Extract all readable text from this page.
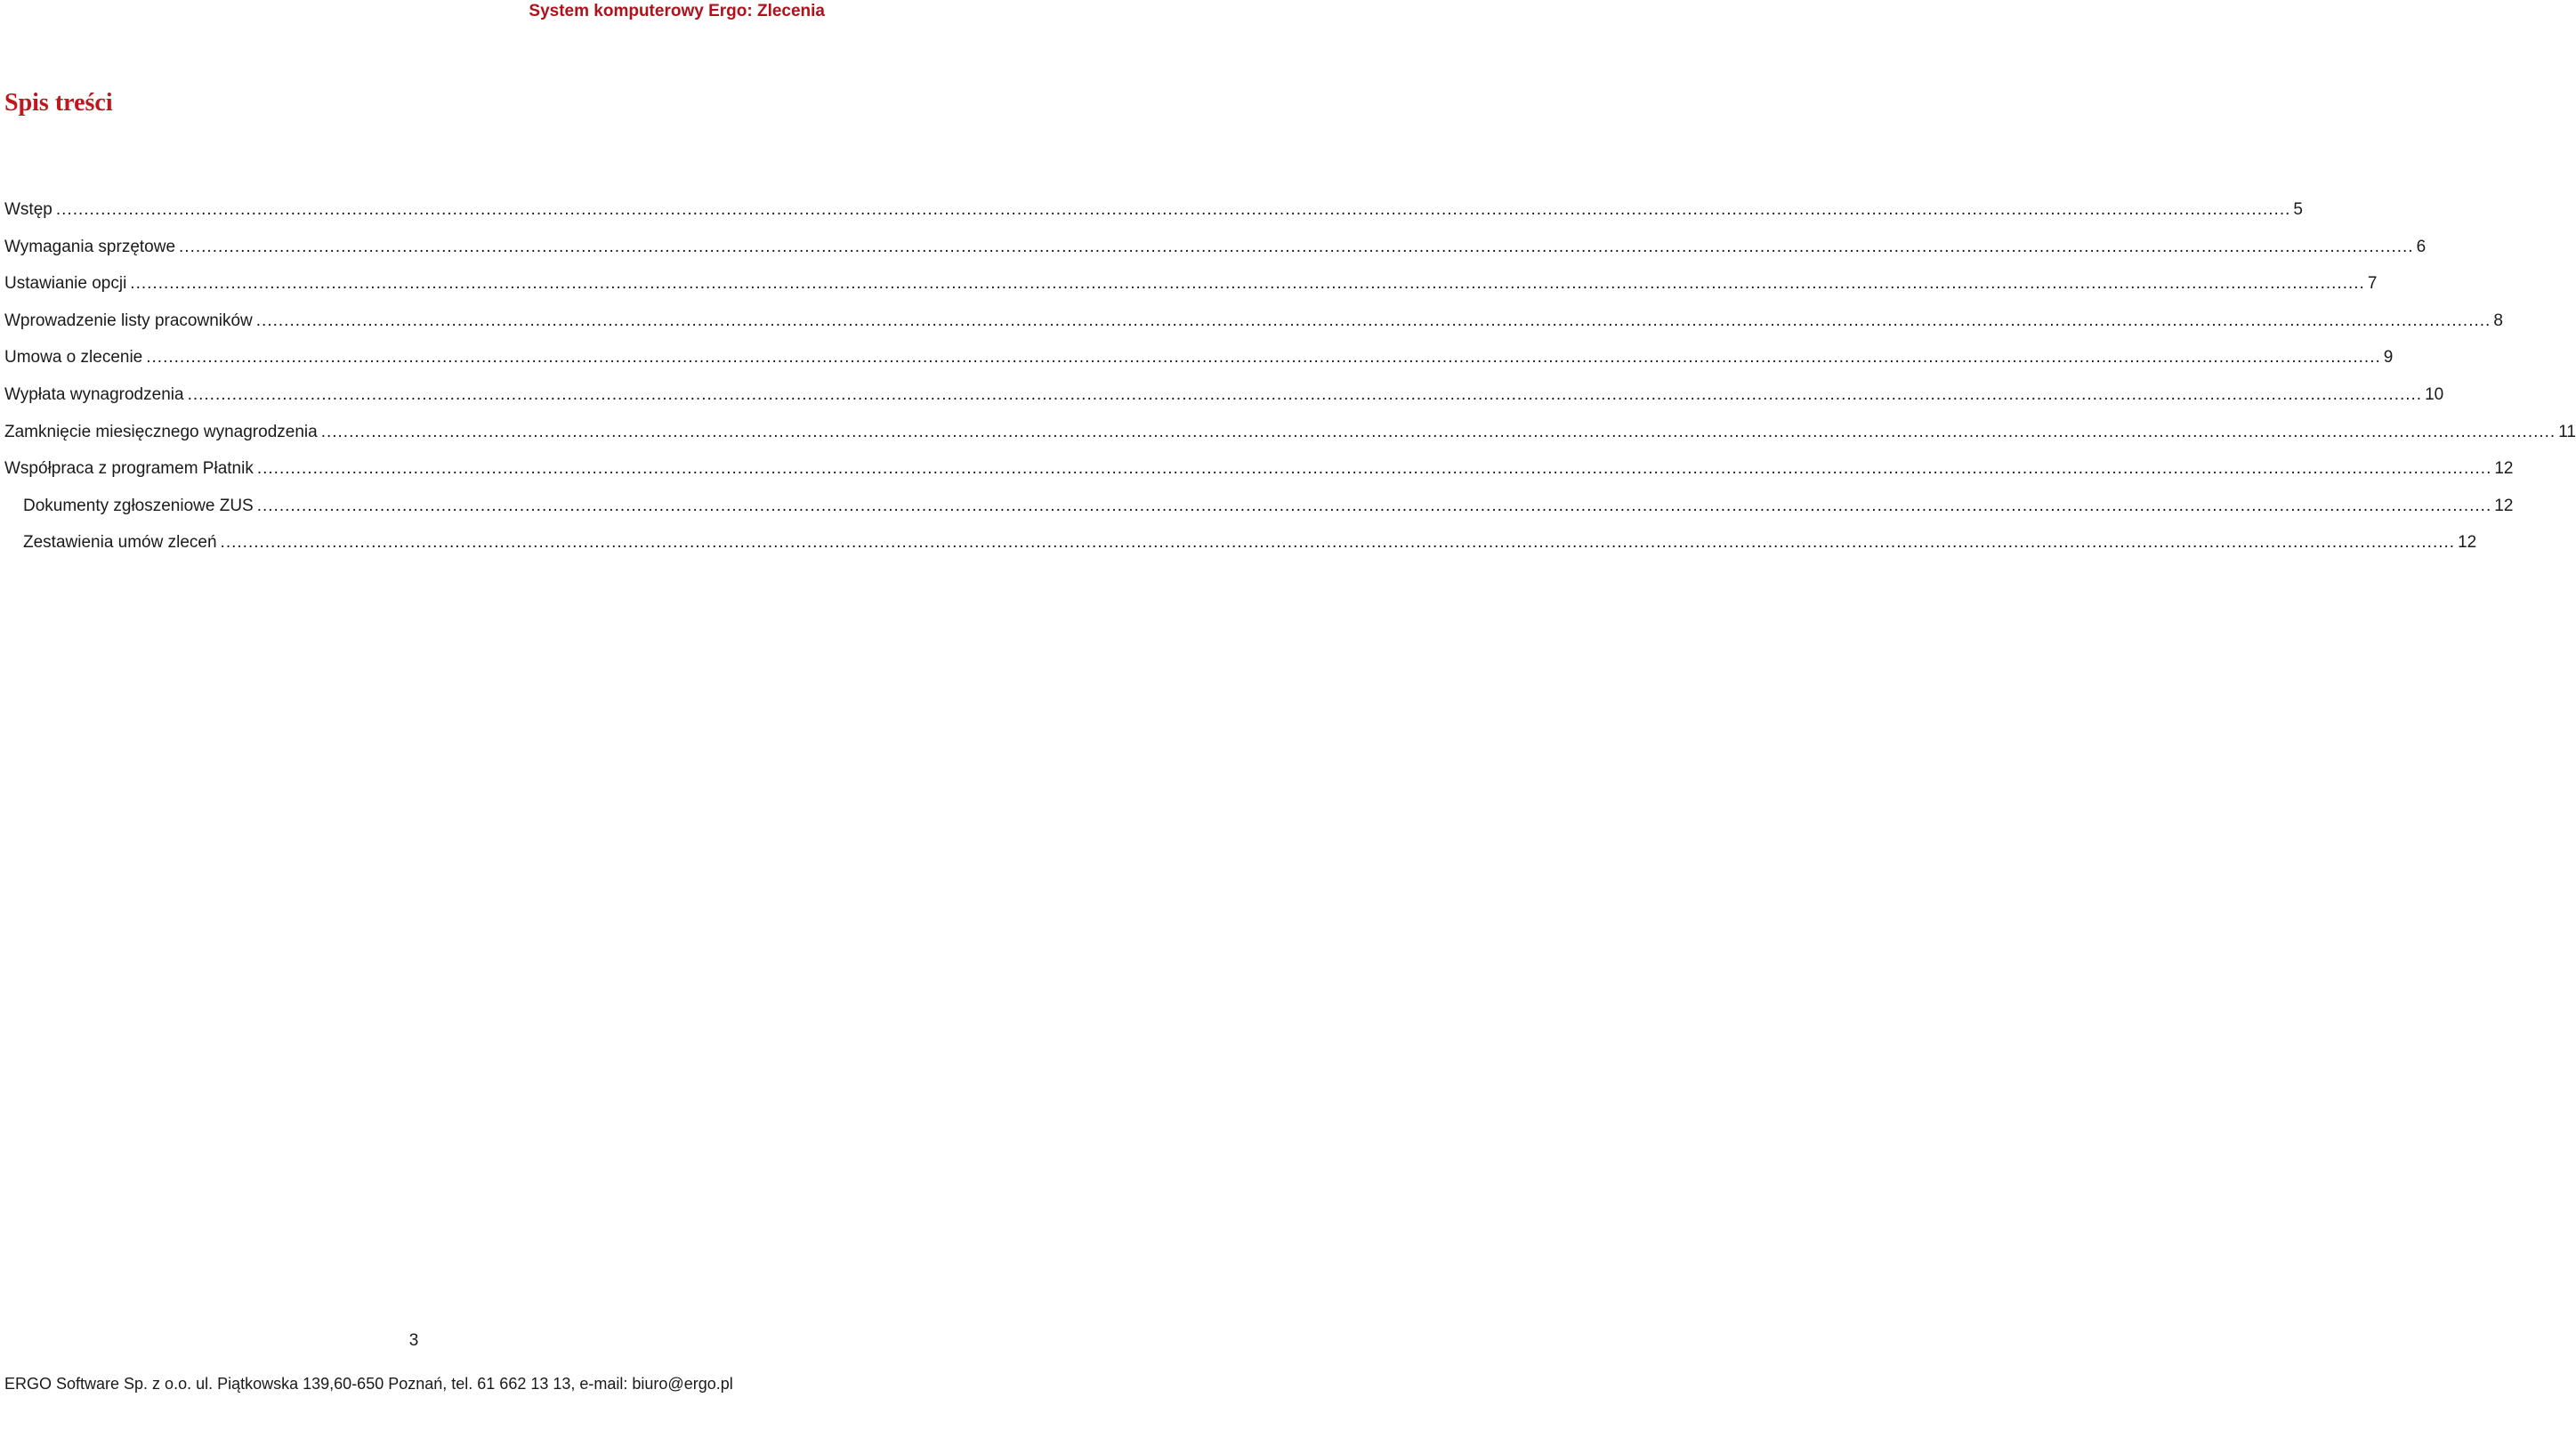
System komputerowy Ergo: Zlecenia
Spis treści
Wstęp ................................................................................................................................................................................................................................................................................................................................................................................................................ 5
Wymagania sprzętowe ................................................................................................................................................................................................................................................................................................................................................................................................................ 6
Ustawianie opcji ................................................................................................................................................................................................................................................................................................................................................................................................................ 7
Wprowadzenie listy pracowników ................................................................................................................................................................................................................................................................................................................................................................................................................ 8
Umowa o zlecenie ................................................................................................................................................................................................................................................................................................................................................................................................................ 9
Wypłata wynagrodzenia ................................................................................................................................................................................................................................................................................................................................................................................................................ 10
Zamknięcie miesięcznego wynagrodzenia ................................................................................................................................................................................................................................................................................................................................................................................................................ 11
Współpraca z programem Płatnik ................................................................................................................................................................................................................................................................................................................................................................................................................ 12
Dokumenty zgłoszeniowe ZUS ................................................................................................................................................................................................................................................................................................................................................................................................................ 12
Zestawienia umów zleceń ................................................................................................................................................................................................................................................................................................................................................................................................................ 12
3
ERGO Software Sp. z o.o. ul. Piątkowska 139,60-650 Poznań, tel. 61 662 13 13, e-mail: biuro@ergo.pl
